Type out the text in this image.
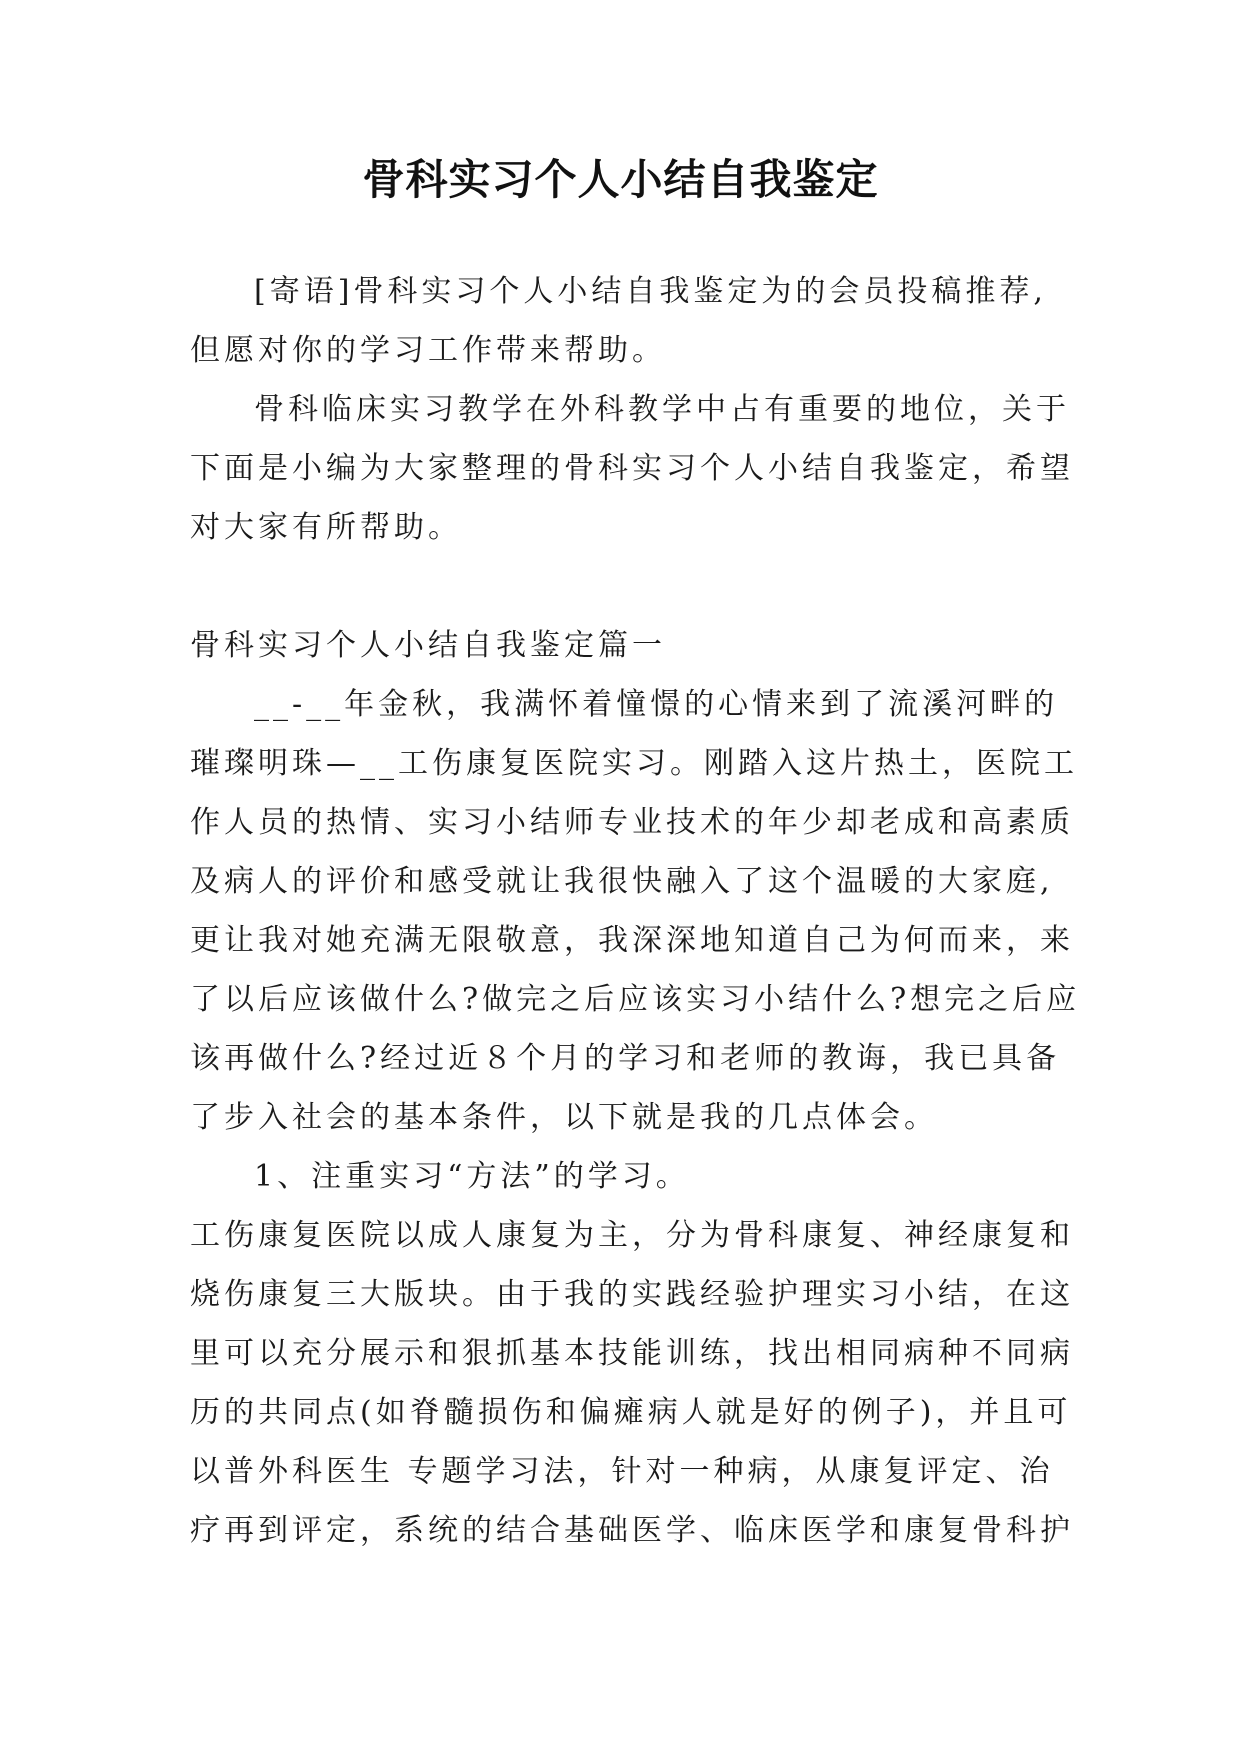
骨科实习个人小结自我鉴定
[寄语]骨科实习个人小结自我鉴定为的会员投稿推荐,
但愿对你的学习工作带来帮助。
骨科临床实习教学在外科教学中占有重要的地位，关于
下面是小编为大家整理的骨科实习个人小结自我鉴定，希望
对大家有所帮助。
骨科实习个人小结自我鉴定篇一
__-__年金秋，我满怀着憧憬的心情来到了流溪河畔的
璀璨明珠—__工伤康复医院实习。刚踏入这片热土，医院工
作人员的热情、实习小结师专业技术的年少却老成和高素质
及病人的评价和感受就让我很快融入了这个温暖的大家庭,
更让我对她充满无限敬意，我深深地知道自己为何而来，来
了以后应该做什么?做完之后应该实习小结什么?想完之后应
该再做什么?经过近８个月的学习和老师的教诲，我已具备
了步入社会的基本条件，以下就是我的几点体会。
1、注重实习“方法”的学习。
工伤康复医院以成人康复为主，分为骨科康复、神经康复和
烧伤康复三大版块。由于我的实践经验护理实习小结，在这
里可以充分展示和狠抓基本技能训练，找出相同病种不同病
历的共同点(如脊髓损伤和偏瘫病人就是好的例子)，并且可
以普外科医生 专题学习法，针对一种病，从康复评定、治
疗再到评定，系统的结合基础医学、临床医学和康复骨科护
